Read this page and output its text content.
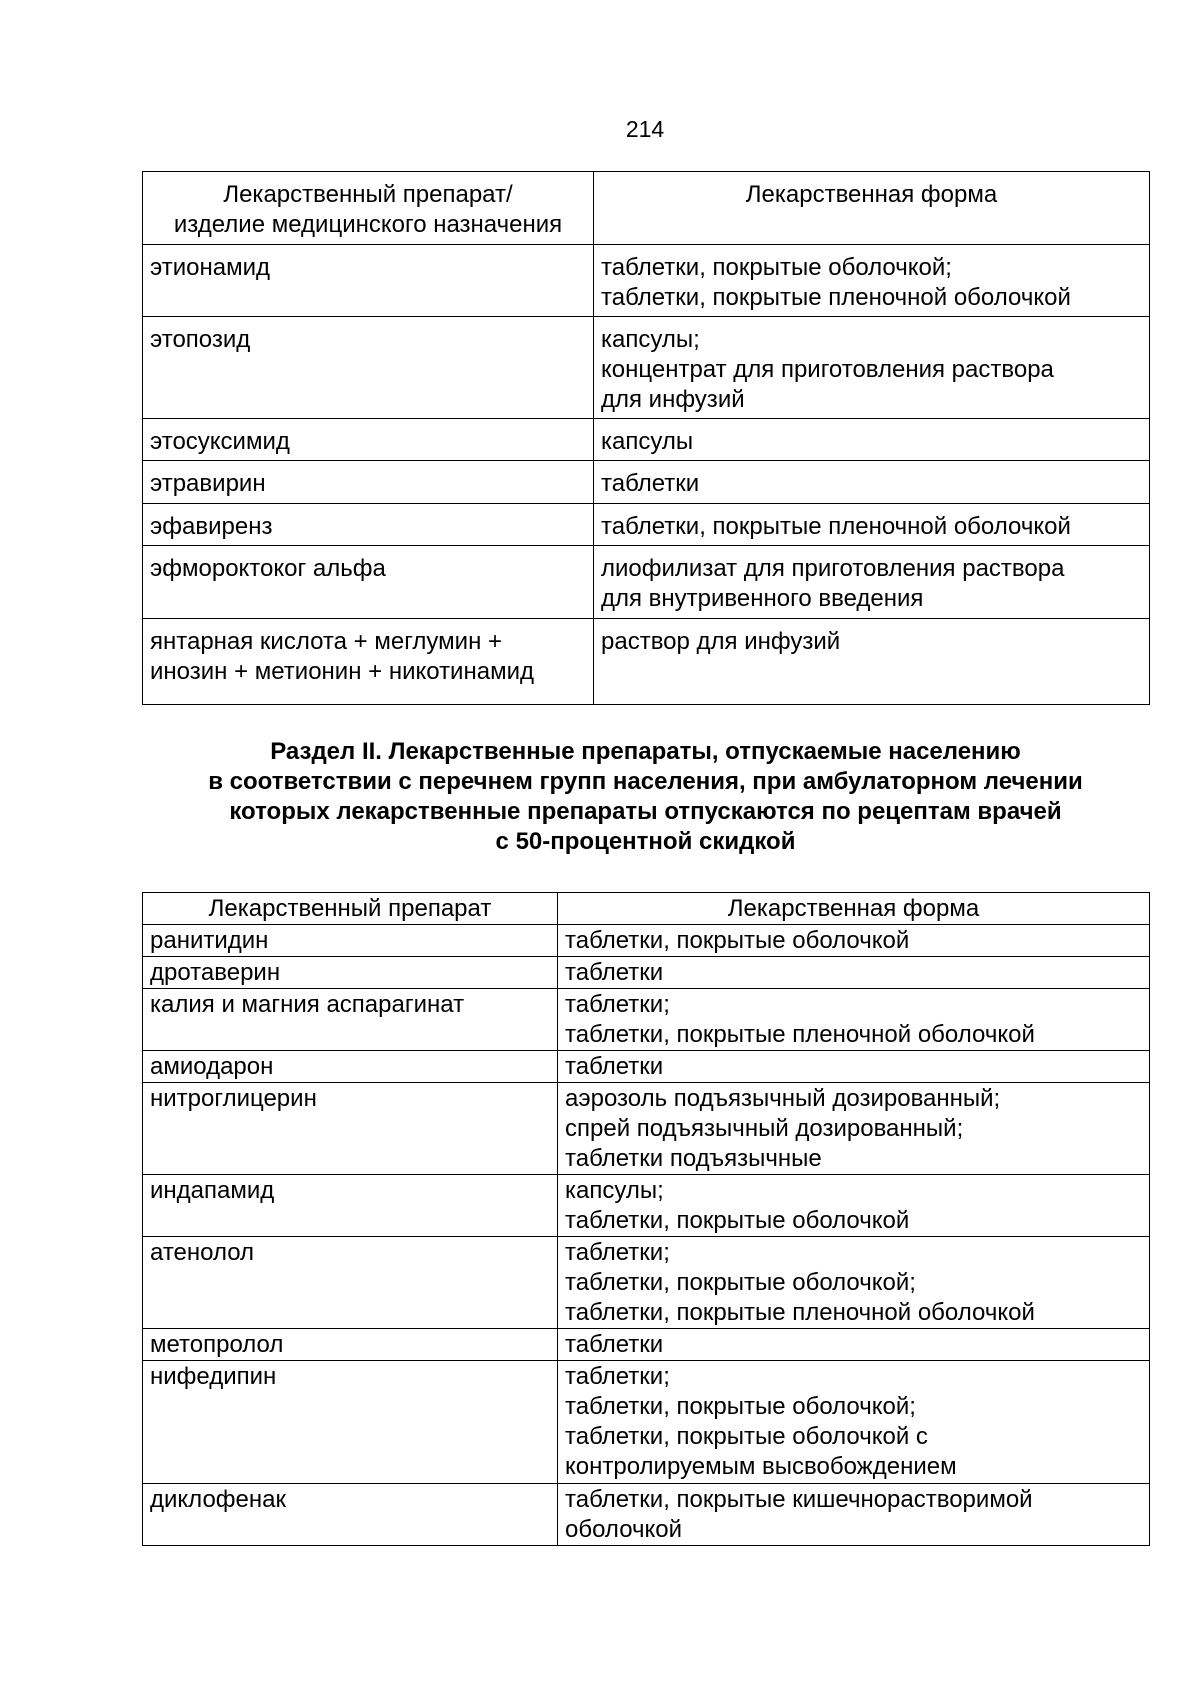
214
Лекарственный препарат/
изделие медицинского назначения	Лекарственная форма

этионамид	таблетки, покрытые оболочкой;
таблетки, покрытые пленочной оболочкой

этопозид	капсулы;
концентрат для приготовления раствора
для инфузий

этосуксимид	капсулы

этравирин	таблетки

эфавиренз	таблетки, покрытые пленочной оболочкой

эфмороктоког альфа	лиофилизат для приготовления раствора
для внутривенного введения

янтарная кислота + меглумин +
инозин + метионин + никотинамид	раствор для инфузий
Раздел II. Лекарственные препараты, отпускаемые населению
в соответствии с перечнем групп населения, при амбулаторном лечении
которых лекарственные препараты отпускаются по рецептам врачей
с 50-процентной скидкой
Лекарственный препарат	Лекарственная форма
ранитидин	таблетки, покрытые оболочкой

дротаверин	таблетки

калия и магния аспарагинат	таблетки;
таблетки, покрытые пленочной оболочкой

амиодарон	таблетки

нитроглицерин	аэрозоль подъязычный дозированный;
спрей подъязычный дозированный;
таблетки подъязычные

индапамид	капсулы;
таблетки, покрытые оболочкой

атенолол	таблетки;
таблетки, покрытые оболочкой;
таблетки, покрытые пленочной оболочкой

метопролол	таблетки

нифедипин	таблетки;
таблетки, покрытые оболочкой;
таблетки, покрытые оболочкой с
контролируемым высвобождением

диклофенак	таблетки, покрытые кишечнорастворимой
оболочкой
